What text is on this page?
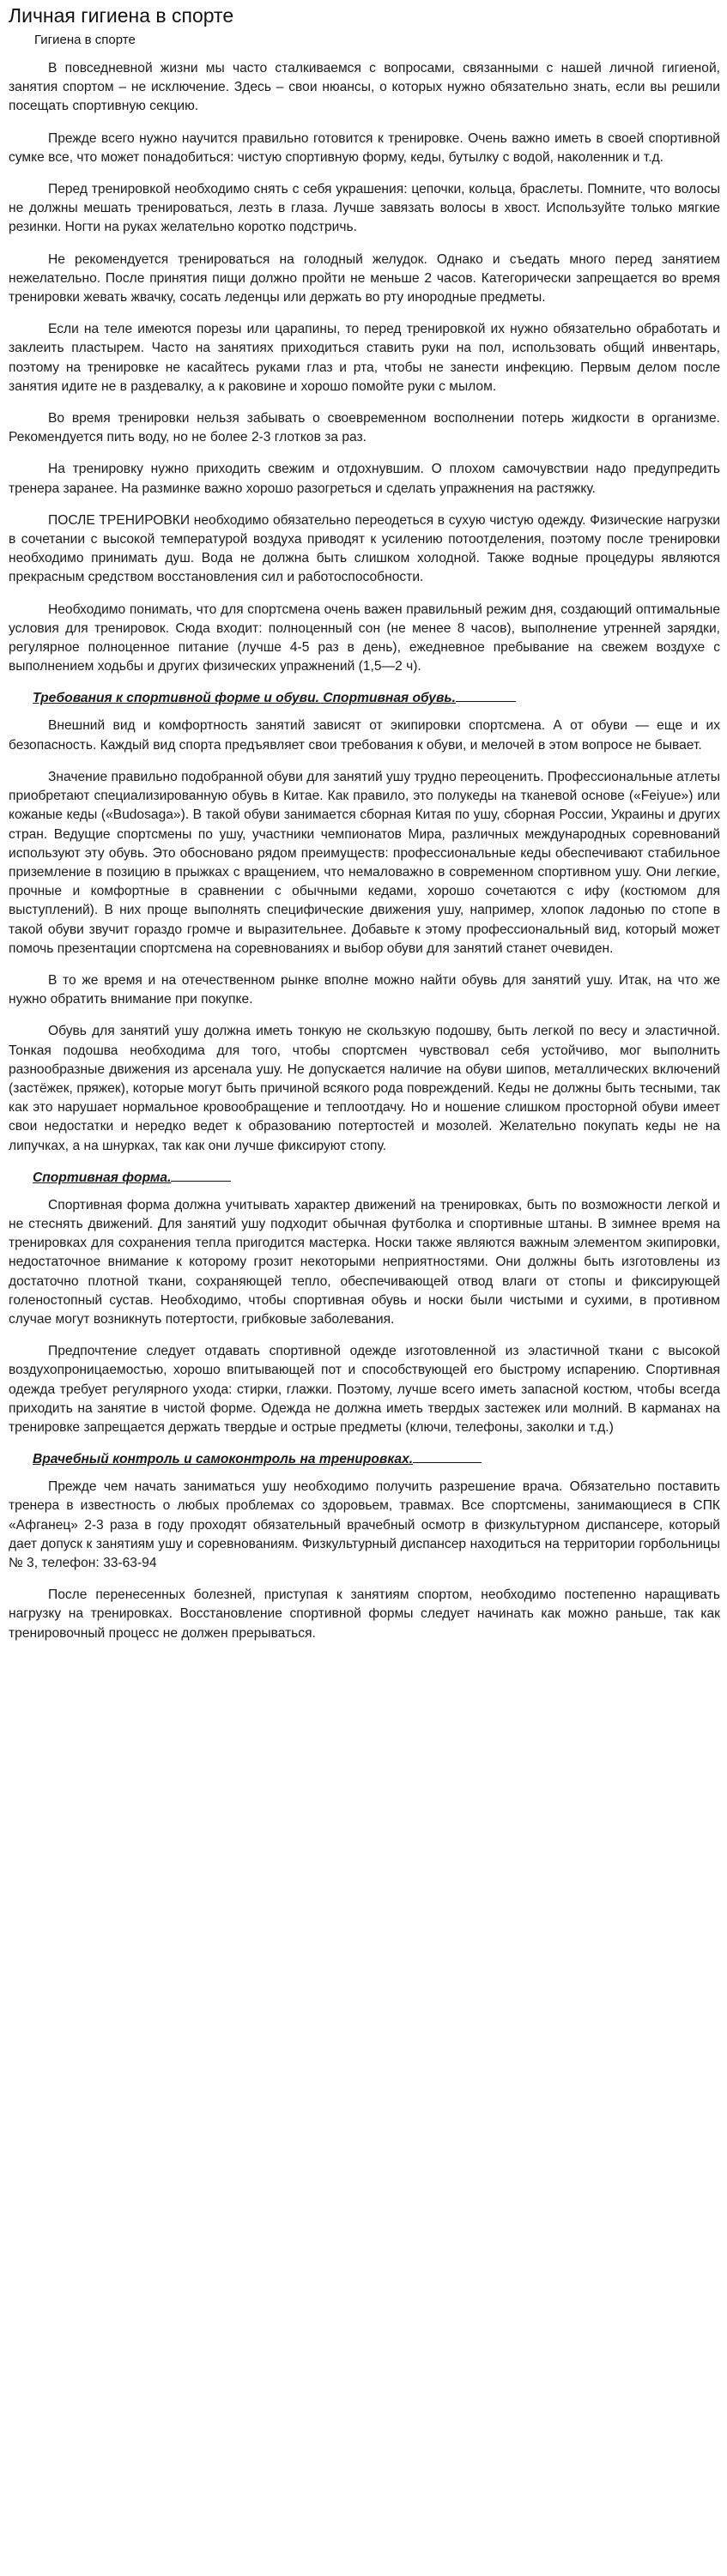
Личная гигиена в спорте
Гигиена в спорте

В повседневной жизни мы часто сталкиваемся с вопросами, связанными с нашей личной гигиеной, занятия спортом – не исключение. Здесь – свои нюансы, о которых нужно обязательно знать, если вы решили посещать спортивную секцию.

Прежде всего нужно научится правильно готовится к тренировке. Очень важно иметь в своей спортивной сумке все, что может понадобиться: чистую спортивную форму, кеды, бутылку с водой, наколенник и т.д.

Перед тренировкой необходимо снять с себя украшения: цепочки, кольца, браслеты. Помните, что волосы не должны мешать тренироваться, лезть в глаза. Лучше завязать волосы в хвост. Используйте только мягкие резинки. Ногти на руках желательно коротко подстричь.

Не рекомендуется тренироваться на голодный желудок. Однако и съедать много перед занятием нежелательно. После принятия пищи должно пройти не меньше 2 часов. Категорически запрещается во время тренировки жевать жвачку, сосать леденцы или держать во рту инородные предметы.

Если на теле имеются порезы или царапины, то перед тренировкой их нужно обязательно обработать и заклеить пластырем. Часто на занятиях приходиться ставить руки на пол, использовать общий инвентарь, поэтому на тренировке не касайтесь руками глаз и рта, чтобы не занести инфекцию. Первым делом после занятия идите не в раздевалку, а к раковине и хорошо помойте руки с мылом.

Во время тренировки нельзя забывать о своевременном восполнении потерь жидкости в организме. Рекомендуется пить воду, но не более 2-3 глотков за раз.

На тренировку нужно приходить свежим и отдохнувшим. О плохом самочувствии надо предупредить тренера заранее. На разминке важно хорошо разогреться и сделать упражнения на растяжку.

ПОСЛЕ ТРЕНИРОВКИ необходимо обязательно переодеться в сухую чистую одежду. Физические нагрузки в сочетании с высокой температурой воздуха приводят к усилению потоотделения, поэтому после тренировки необходимо принимать душ. Вода не должна быть слишком холодной. Также водные процедуры являются прекрасным средством восстановления сил и работоспособности.

Необходимо понимать, что для спортсмена очень важен правильный режим дня, создающий оптимальные условия для тренировок. Сюда входит: полноценный сон (не менее 8 часов), выполнение утренней зарядки, регулярное полноценное питание (лучше 4-5 раз в день), ежедневное пребывание на свежем воздухе с выполнением ходьбы и других физических упражнений (1,5—2 ч).

Требования к спортивной форме и обуви. Спортивная обувь.

Внешний вид и комфортность занятий зависят от экипировки спортсмена. А от обуви — еще и их безопасность. Каждый вид спорта предъявляет свои требования к обуви, и мелочей в этом вопросе не бывает.

Значение правильно подобранной обуви для занятий ушу трудно переоценить. Профессиональные атлеты приобретают специализированную обувь в Китае. Как правило, это полукеды на тканевой основе («Feiyue») или кожаные кеды («Budosaga»). В такой обуви занимается сборная Китая по ушу, сборная России, Украины и других стран. Ведущие спортсмены по ушу, участники чемпионатов Мира, различных международных соревнований используют эту обувь. Это обосновано рядом преимуществ: профессиональные кеды обеспечивают стабильное приземление в позицию в прыжках с вращением, что немаловажно в современном спортивном ушу. Они легкие, прочные и комфортные в сравнении с обычными кедами, хорошо сочетаются с ифу (костюмом для выступлений). В них проще выполнять специфические движения ушу, например, хлопок ладонью по стопе в такой обуви звучит гораздо громче и выразительнее. Добавьте к этому профессиональный вид, который может помочь презентации спортсмена на соревнованиях и выбор обуви для занятий станет очевиден.

В то же время и на отечественном рынке вполне можно найти обувь для занятий ушу. Итак, на что же нужно обратить внимание при покупке.

Обувь для занятий ушу должна иметь тонкую не скользкую подошву, быть легкой по весу и эластичной. Тонкая подошва необходима для того, чтобы спортсмен чувствовал себя устойчиво, мог выполнить разнообразные движения из арсенала ушу. Не допускается наличие на обуви шипов, металлических включений (застёжек, пряжек), которые могут быть причиной всякого рода повреждений. Кеды не должны быть тесными, так как это нарушает нормальное кровообращение и теплоотдачу. Но и ношение слишком просторной обуви имеет свои недостатки и нередко ведет к образованию потертостей и мозолей. Желательно покупать кеды не на липучках, а на шнурках, так как они лучше фиксируют стопу.

Спортивная форма.

Спортивная форма должна учитывать характер движений на тренировках, быть по возможности легкой и не стеснять движений. Для занятий ушу подходит обычная футболка и спортивные штаны. В зимнее время на тренировках для сохранения тепла пригодится мастерка. Носки также являются важным элементом экипировки, недостаточное внимание к которому грозит некоторыми неприятностями. Они должны быть изготовлены из достаточно плотной ткани, сохраняющей тепло, обеспечивающей отвод влаги от стопы и фиксирующей голеностопный сустав. Необходимо, чтобы спортивная обувь и носки были чистыми и сухими, в противном случае могут возникнуть потертости, грибковые заболевания.

Предпочтение следует отдавать спортивной одежде изготовленной из эластичной ткани с высокой воздухопроницаемостью, хорошо впитывающей пот и способствующей его быстрому испарению. Спортивная одежда требует регулярного ухода: стирки, глажки. Поэтому, лучше всего иметь запасной костюм, чтобы всегда приходить на занятие в чистой форме. Одежда не должна иметь твердых застежек или молний. В карманах на тренировке запрещается держать твердые и острые предметы (ключи, телефоны, заколки и т.д.)

Врачебный контроль и самоконтроль на тренировках.

Прежде чем начать заниматься ушу необходимо получить разрешение врача. Обязательно поставить тренера в известность о любых проблемах со здоровьем, травмах. Все спортсмены, занимающиеся в СПК «Афганец» 2-3 раза в году проходят обязательный врачебный осмотр в физкультурном диспансере, который дает допуск к занятиям ушу и соревнованиям. Физкультурный диспансер находиться на территории горбольницы № 3, телефон: 33-63-94

После перенесенных болезней, приступая к занятиям спортом, необходимо постепенно наращивать нагрузку на тренировках. Восстановление спортивной формы следует начинать как можно раньше, так как тренировочный процесс не должен прерываться.
